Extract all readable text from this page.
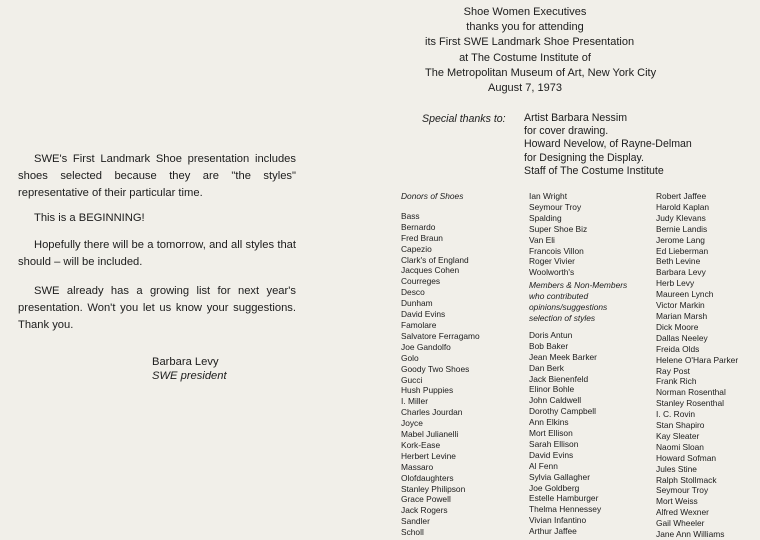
SWE's First Landmark Shoe presentation includes shoes selected because they are "the styles" representative of their particular time.

This is a BEGINNING!

Hopefully there will be a tomorrow, and all styles that should – will be included.

SWE already has a growing list for next year's presentation. Won't you let us know your suggestions. Thank you.

Barbara Levy
SWE president
Shoe Women Executives
thanks you for attending
its First SWE Landmark Shoe Presentation
at The Costume Institute of
The Metropolitan Museum of Art, New York City
August 7, 1973
Special thanks to: Artist Barbara Nessim
for cover drawing.
Howard Nevelow, of Rayne-Delman
for Designing the Display.
Staff of The Costume Institute
Donors of Shoes
Bass
Bernardo
Fred Braun
Capezio
Clark's of England
Jacques Cohen
Courreges
Desco
Dunham
David Evins
Famolare
Salvatore Ferragamo
Joe Gandolfo
Golo
Goody Two Shoes
Gucci
Hush Puppies
I. Miller
Charles Jourdan
Joyce
Mabel Julianelli
Kork-Ease
Herbert Levine
Massaro
Olofdaughters
Stanley Philipson
Grace Powell
Jack Rogers
Sandler
Scholl
Ian Wright
Seymour Troy
Spalding
Super Shoe Biz
Van Eli
Francois Villon
Roger Vivier
Woolworth's
Members & Non-Members
who contributed
opinions/suggestions
selection of styles
Doris Antun
Bob Baker
Jean Meek Barker
Dan Berk
Jack Bienenfeld
Elinor Bohle
John Caldwell
Dorothy Campbell
Ann Elkins
Mort Ellison
Sarah Ellison
David Evins
Al Fenn
Sylvia Gallagher
Joe Goldberg
Estelle Hamburger
Thelma Hennessey
Vivian Infantino
Arthur Jaffee
Robert Jaffee
Harold Kaplan
Judy Klevans
Bernie Landis
Jerome Lang
Ed Lieberman
Beth Levine
Barbara Levy
Herb Levy
Maureen Lynch
Victor Markin
Marian Marsh
Dick Moore
Dallas Neeley
Freida Olds
Helene O'Hara Parker
Ray Post
Frank Rich
Norman Rosenthal
Stanley Rosenthal
I. C. Rovin
Stan Shapiro
Kay Sleater
Naomi Sloan
Howard Sofman
Jules Stine
Ralph Stollmack
Seymour Troy
Mort Weiss
Alfred Wexner
Gail Wheeler
Jane Ann Williams
